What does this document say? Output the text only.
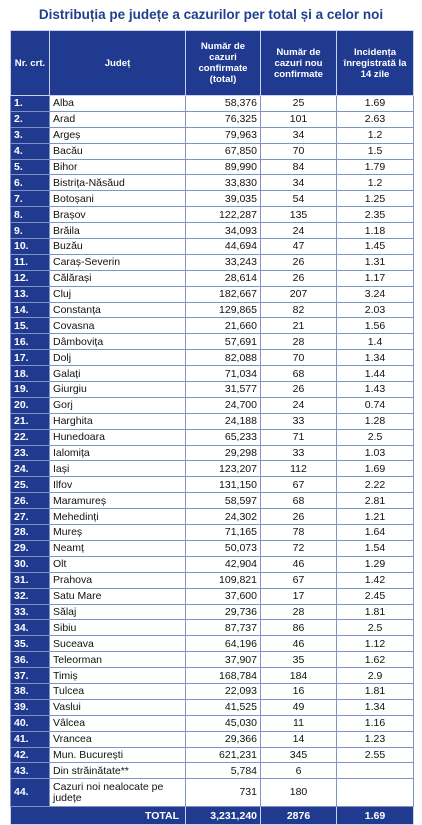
Distribuția pe județe a cazurilor per total și a celor noi
Nr. crt.	Județ	Număr de cazuri confirmate (total)	Număr de cazuri nou confirmate	Incidența înregistrată la 14 zile
1.	Alba	58,376	25	1.69
2.	Arad	76,325	101	2.63
3.	Argeș	79,963	34	1.2
4.	Bacău	67,850	70	1.5
5.	Bihor	89,990	84	1.79
6.	Bistrița-Năsăud	33,830	34	1.2
7.	Botoșani	39,035	54	1.25
8.	Brașov	122,287	135	2.35
9.	Brăila	34,093	24	1.18
10.	Buzău	44,694	47	1.45
11.	Caraș-Severin	33,243	26	1.31
12.	Călărași	28,614	26	1.17
13.	Cluj	182,667	207	3.24
14.	Constanța	129,865	82	2.03
15.	Covasna	21,660	21	1.56
16.	Dâmbovița	57,691	28	1.4
17.	Dolj	82,088	70	1.34
18.	Galați	71,034	68	1.44
19.	Giurgiu	31,577	26	1.43
20.	Gorj	24,700	24	0.74
21.	Harghita	24,188	33	1.28
22.	Hunedoara	65,233	71	2.5
23.	Ialomița	29,298	33	1.03
24.	Iași	123,207	112	1.69
25.	Ilfov	131,150	67	2.22
26.	Maramureș	58,597	68	2.81
27.	Mehedinți	24,302	26	1.21
28.	Mureș	71,165	78	1.64
29.	Neamț	50,073	72	1.54
30.	Olt	42,904	46	1.29
31.	Prahova	109,821	67	1.42
32.	Satu Mare	37,600	17	2.45
33.	Sălaj	29,736	28	1.81
34.	Sibiu	87,737	86	2.5
35.	Suceava	64,196	46	1.12
36.	Teleorman	37,907	35	1.62
37.	Timiș	168,784	184	2.9
38.	Tulcea	22,093	16	1.81
39.	Vaslui	41,525	49	1.34
40.	Vâlcea	45,030	11	1.16
41.	Vrancea	29,366	14	1.23
42.	Mun. București	621,231	345	2.55
43.	Din străinătate**	5,784	6	
44.	Cazuri noi nealocate pe județe	731	180	
TOTAL		3,231,240	2876	1.69
